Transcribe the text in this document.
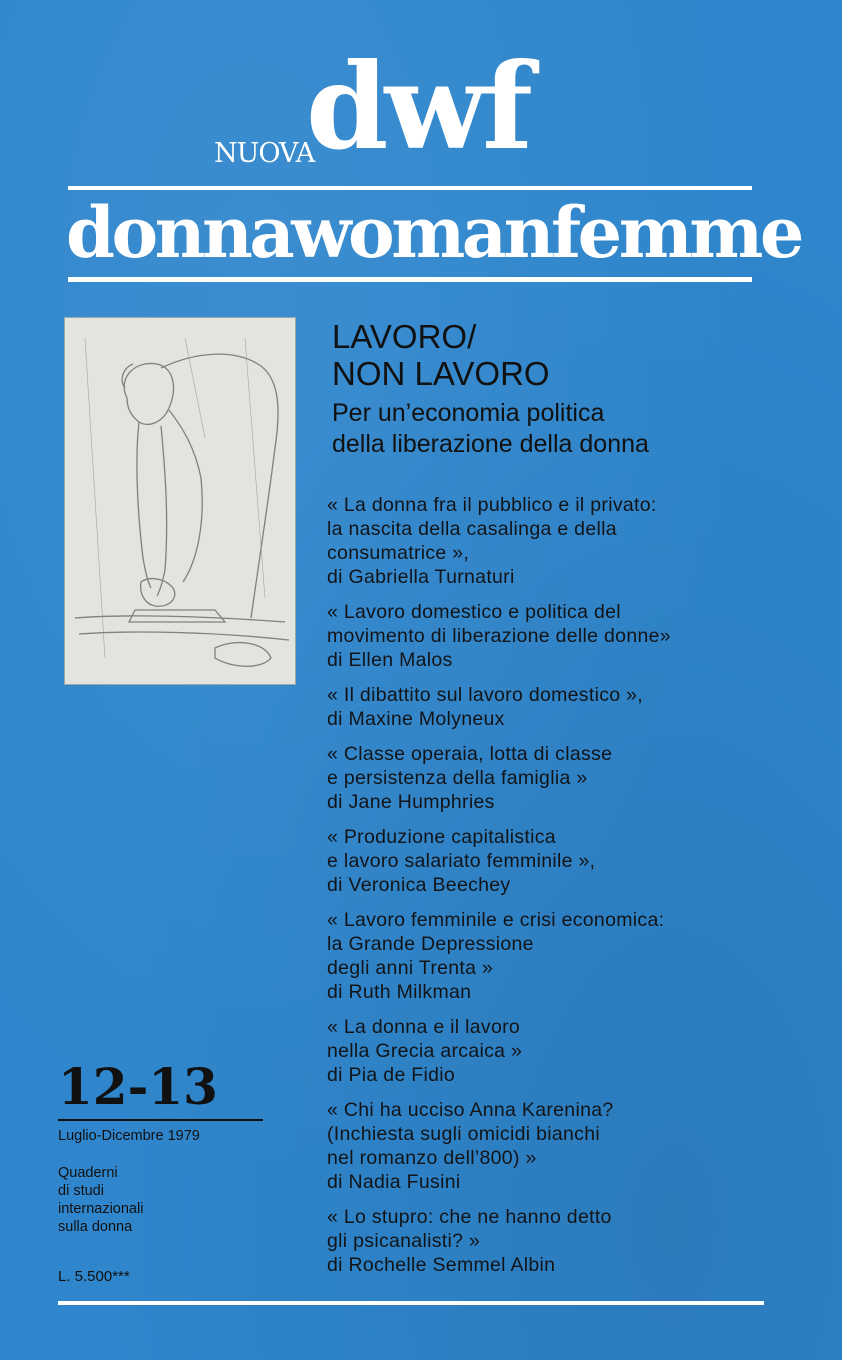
NUOVA
dwf
donnawomanfemme
LAVORO/
NON LAVORO
Per un’economia politica
della liberazione della donna
« La donna fra il pubblico e il privato:
la nascita della casalinga e della
consumatrice »,
di Gabriella Turnaturi
« Lavoro domestico e politica del
movimento di liberazione delle donne»
di Ellen Malos
« Il dibattito sul lavoro domestico »,
di Maxine Molyneux
« Classe operaia, lotta di classe
e persistenza della famiglia »
di Jane Humphries
« Produzione capitalistica
e lavoro salariato femminile »,
di Veronica Beechey
« Lavoro femminile e crisi economica:
la Grande Depressione
degli anni Trenta »
di Ruth Milkman
« La donna e il lavoro
nella Grecia arcaica »
di Pia de Fidio
« Chi ha ucciso Anna Karenina?
(Inchiesta sugli omicidi bianchi
nel romanzo dell’800) »
di Nadia Fusini
« Lo stupro: che ne hanno detto
gli psicanalisti? »
di Rochelle Semmel Albin
12-13
Luglio-Dicembre 1979
Quaderni
di studi
internazionali
sulla donna
L. 5.500***
